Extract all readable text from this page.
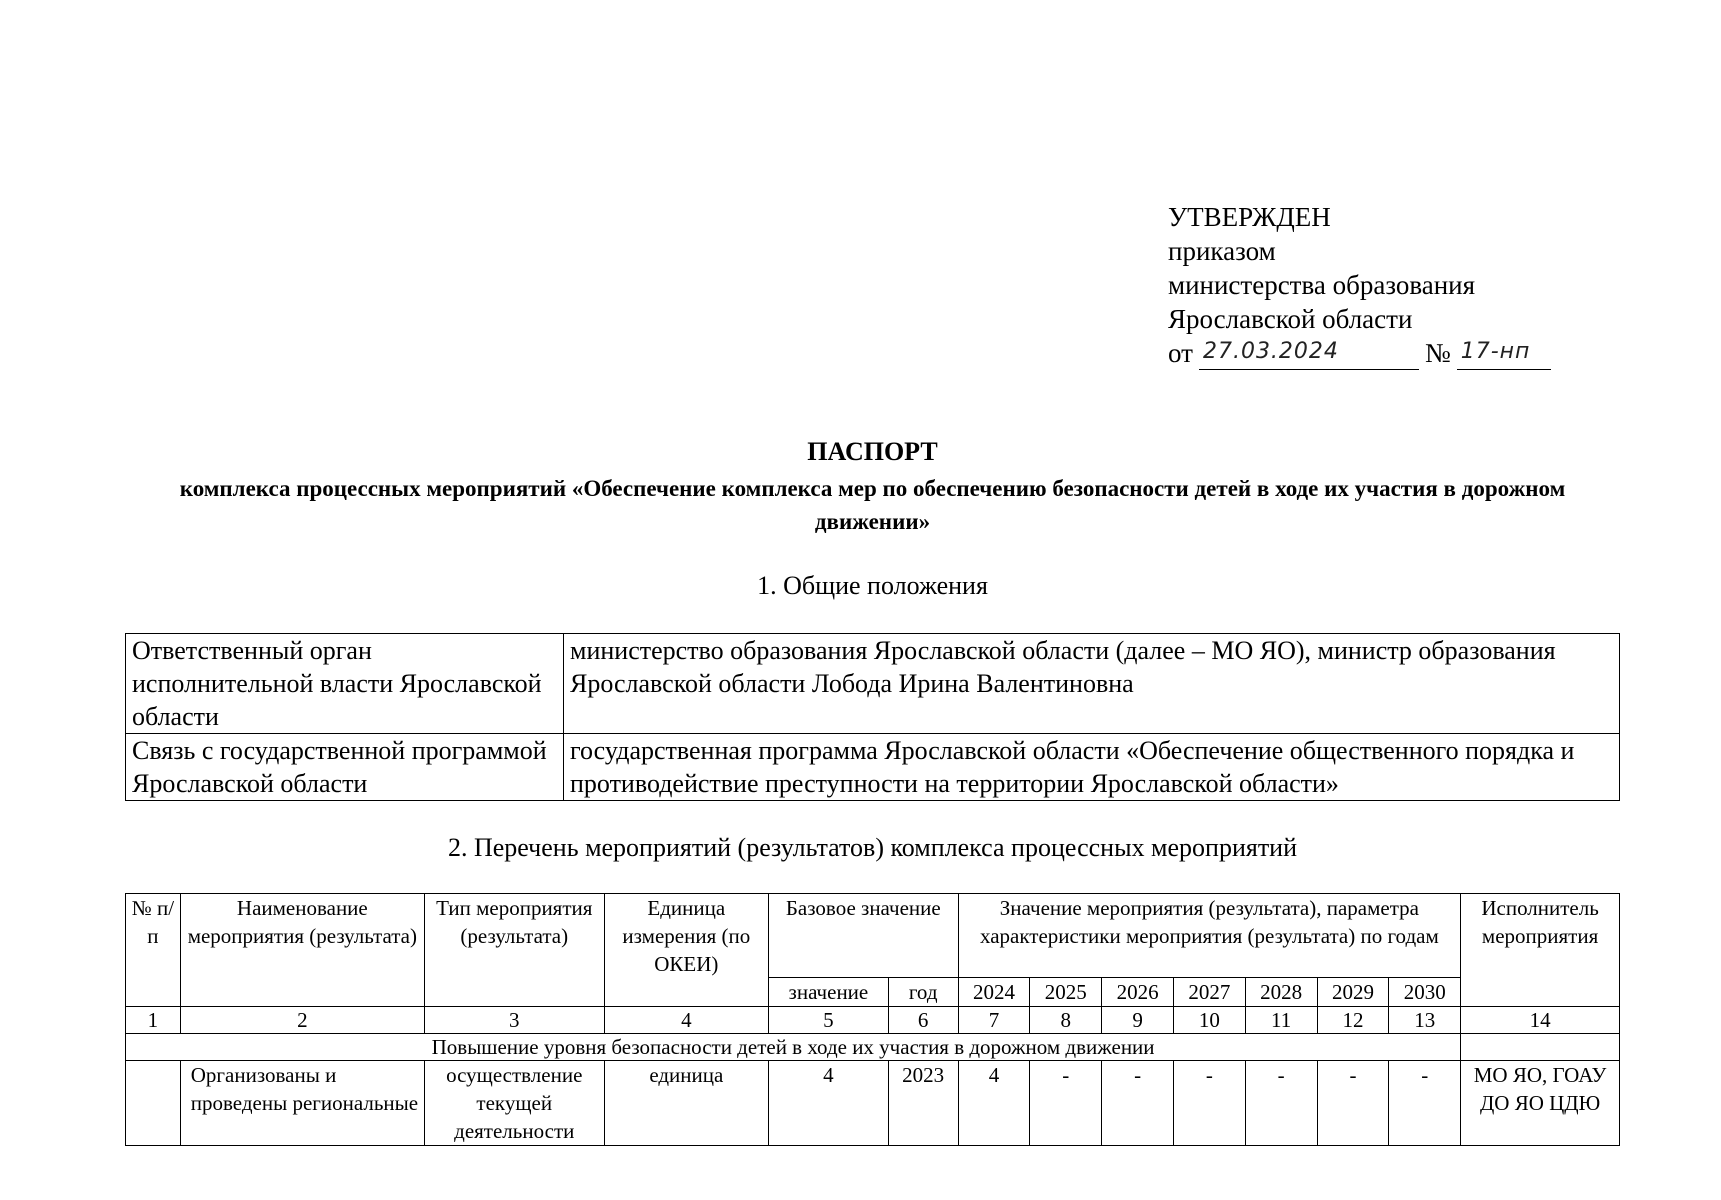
УТВЕРЖДЕН
приказом
министерства образования
Ярославской области
от 27.03.2024	№ 17-нп
ПАСПОРТ
комплекса процессных мероприятий «Обеспечение комплекса мер по обеспечению безопасности детей в ходе их участия в дорожном движении»
1. Общие положения
Ответственный орган исполнительной власти Ярославской области	министерство образования Ярославской области (далее – МО ЯО), министр образования Ярославской области Лобода Ирина Валентиновна
Связь с государственной программой Ярославской области	государственная программа Ярославской области «Обеспечение общественного порядка и противодействие преступности на территории Ярославской области»
2. Перечень мероприятий (результатов) комплекса процессных мероприятий
№ п/п	Наименование мероприятия (результата)	Тип мероприятия (результата)	Единица измерения (по ОКЕИ)	Базовое значение		Значение мероприятия (результата), параметра характеристики мероприятия (результата) по годам							Исполнитель мероприятия
				значение	год	2024	2025	2026	2027	2028	2029	2030	
1	2	3	4	5	6	7	8	9	10	11	12	13	14
Повышение уровня безопасности детей в ходе их участия в дорожном движении													
	Организованы и проведены региональные	осуществление текущей деятельности	единица	4	2023	4	-	-	-	-	-	-	МО ЯО, ГОАУ ДО ЯО ЦДЮ
